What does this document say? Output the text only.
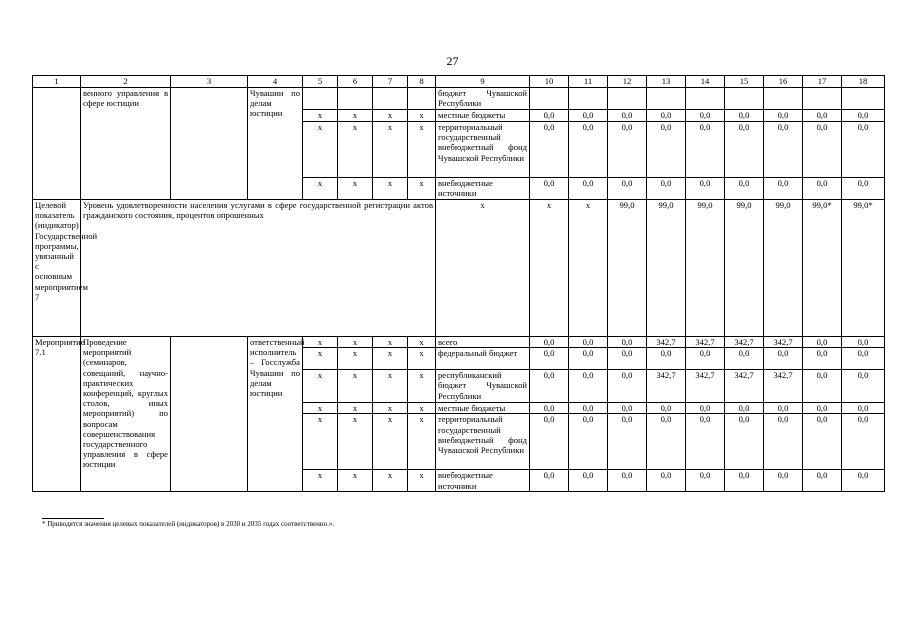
27
1	2	3	4	5	6	7	8	9	10	11	12	13	14	15	16	17	18
	венного управления в сфере юстиции		Чувашии по делам юстиции					бюджет Чувашской Республики									
				x	x	x	x	местные бюджеты	0,0	0,0	0,0	0,0	0,0	0,0	0,0	0,0	0,0
				x	x	x	x	территориальный государственный внебюджетный фонд Чувашской Республики	0,0	0,0	0,0	0,0	0,0	0,0	0,0	0,0	0,0
				x	x	x	x	внебюджетные источники	0,0	0,0	0,0	0,0	0,0	0,0	0,0	0,0	0,0
Целевой показатель (индикатор) Государственной программы, увязанный с основным мероприятием 7	Уровень удовлетворенности населения услугами в сфере государственной регистрации актов гражданского состояния, процентов опрошенных							x	x	x	99,0	99,0	99,0	99,0	99,0	99,0*	99,0*
Мероприятие 7.1	Проведение мероприятий (семинаров, совещаний, научно-практических конференций, круглых столов, иных мероприятий) по вопросам совершенствования государственного управления в сфере юстиции		ответственный исполнитель – Госслужба Чувашии по делам юстиции	x	x	x	x	всего	0,0	0,0	0,0	342,7	342,7	342,7	342,7	0,0	0,0
				x	x	x	x	федеральный бюджет	0,0	0,0	0,0	0,0	0,0	0,0	0,0	0,0	0,0
				x	x	x	x	республиканский бюджет Чувашской Республики	0,0	0,0	0,0	342,7	342,7	342,7	342,7	0,0	0,0
				x	x	x	x	местные бюджеты	0,0	0,0	0,0	0,0	0,0	0,0	0,0	0,0	0,0
				x	x	x	x	территориальный государственный внебюджетный фонд Чувашской Республики	0,0	0,0	0,0	0,0	0,0	0,0	0,0	0,0	0,0
				x	x	x	x	внебюджетные источники	0,0	0,0	0,0	0,0	0,0	0,0	0,0	0,0	0,0
* Приводятся значения целевых показателей (индикаторов) в 2030 и 2035 годах соответственно.».
